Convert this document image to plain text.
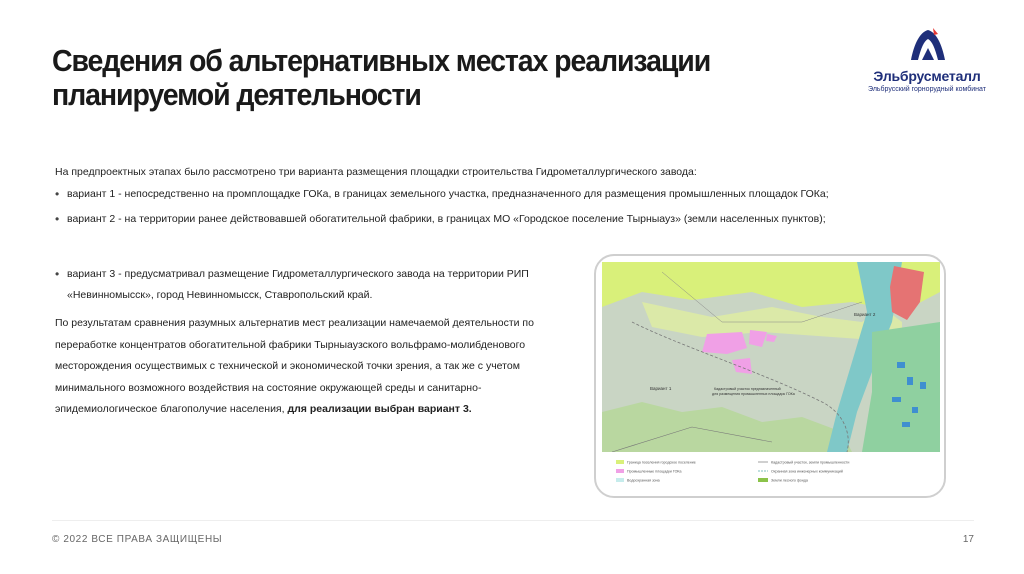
Сведения об альтернативных местах реализации
планируемой деятельности
Эльбрусметалл
Эльбрусский горнорудный комбинат
На предпроектных этапах было рассмотрено три варианта размещения площадки строительства Гидрометаллургического завода:
• вариант 1 - непосредственно на промплощадке ГОКа, в границах земельного участка, предназначенного для размещения промышленных площадок ГОКа;
• вариант 2 - на территории ранее действовавшей обогатительной фабрики, в границах МО «Городское поселение Тырныауз» (земли населенных пунктов);
• вариант 3 - предусматривал размещение Гидрометаллургического завода на территории РИП
«Невинномысск», город Невинномысск, Ставропольский край.
По результатам сравнения разумных альтернатив мест реализации намечаемой деятельности по
переработке концентратов обогатительной фабрики Тырныаузского вольфрамо-молибденового
месторождения осуществимых с технической и экономической точки зрения, а так же с учетом
минимального возможного воздействия на состояние окружающей среды и санитарно-
эпидемиологическое благополучие населения, для реализации выбран вариант 3.
Вариант 1
Вариант 2
Кадастровый участок предназначенный
для размещения промышленных площадок ГОКа
Граница поселения городское поселение
Промышленные площадки ГОКа
Водоохранная зона
Кадастровый участок, земли промышленности
Охранная зона инженерных коммуникаций
Земли лесного фонда
© 2022 ВСЕ ПРАВА ЗАЩИЩЕНЫ	17
